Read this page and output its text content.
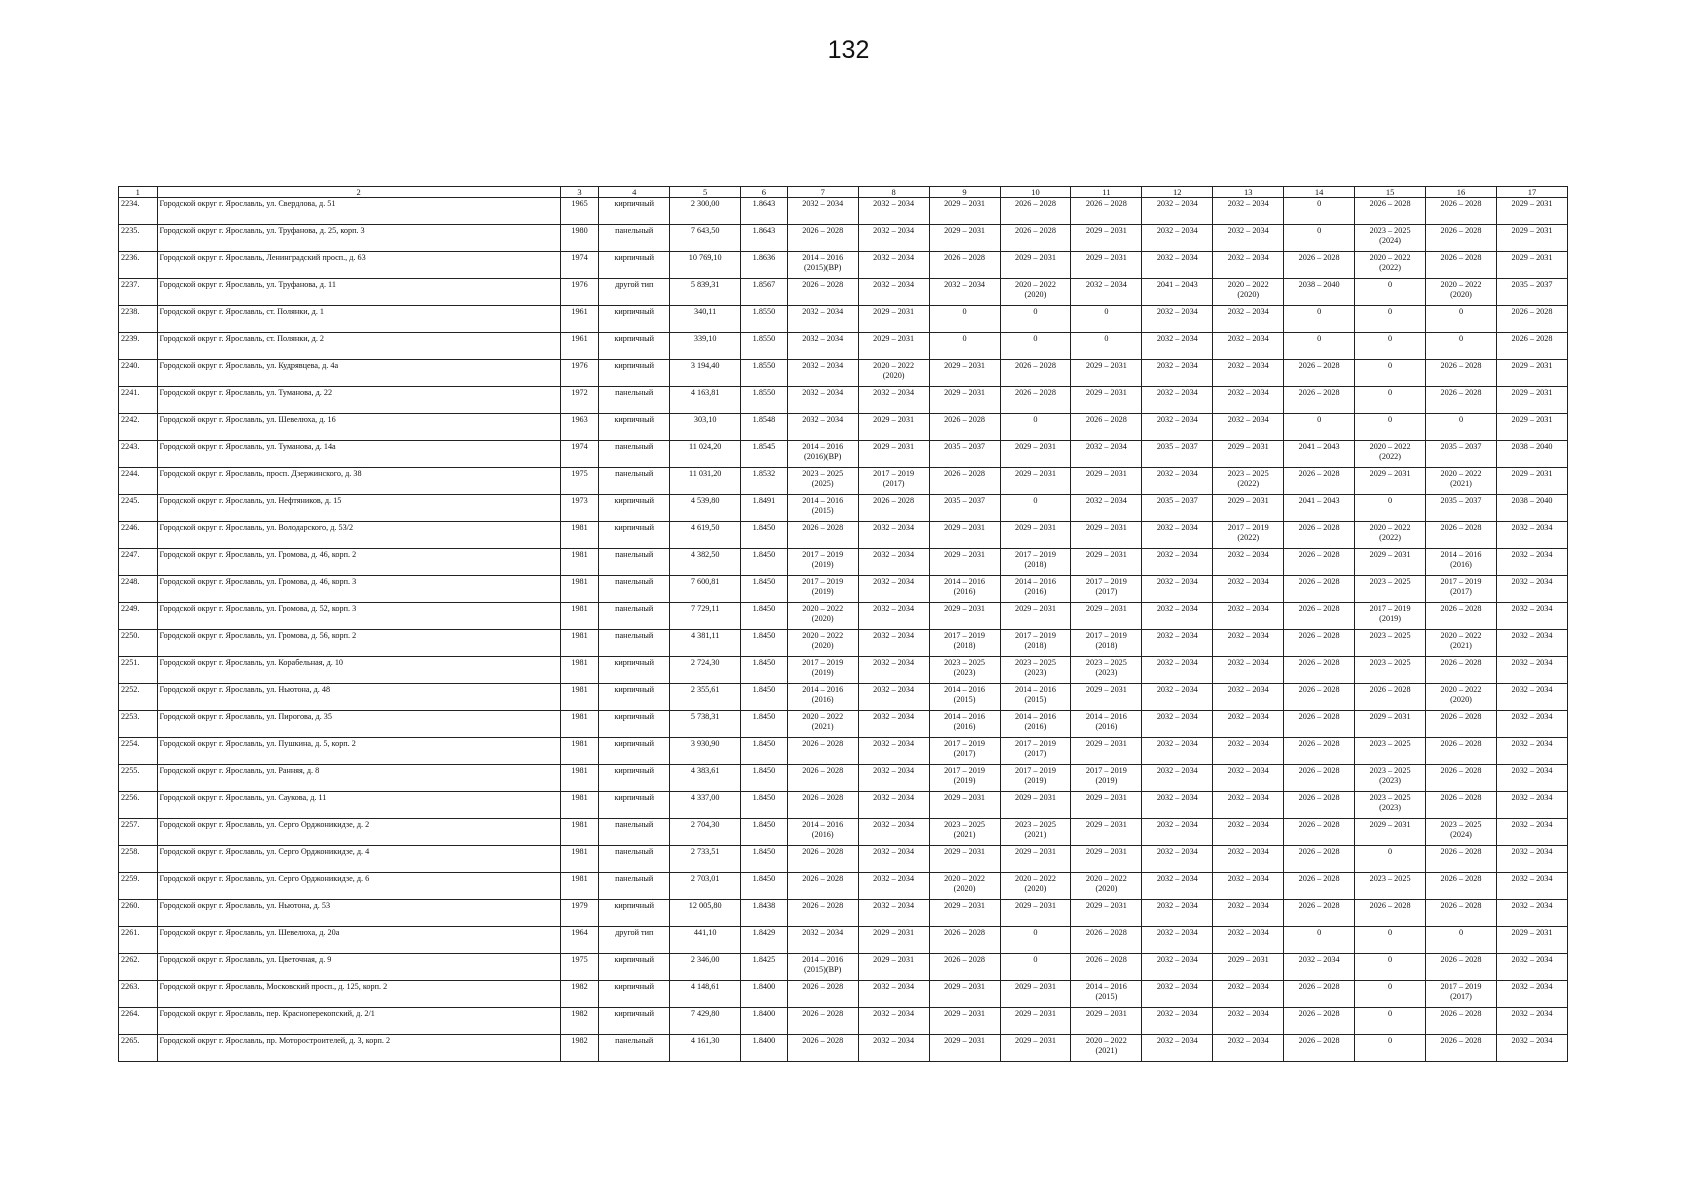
132
1	2	3	4	5	6	7	8	9	10	11	12	13	14	15	16	17
2234.	Городской округ г. Ярославль, ул. Свердлова, д. 51	1965	кирпичный	2 300,00	1.8643	2032 – 2034	2032 – 2034	2029 – 2031	2026 – 2028	2026 – 2028	2032 – 2034	2032 – 2034	0	2026 – 2028	2026 – 2028	2029 – 2031
2235.	Городской округ г. Ярославль, ул. Труфанова, д. 25, корп. 3	1980	панельный	7 643,50	1.8643	2026 – 2028	2032 – 2034	2029 – 2031	2026 – 2028	2029 – 2031	2032 – 2034	2032 – 2034	0	2023 – 2025
(2024)	2026 – 2028	2029 – 2031
2236.	Городской округ г. Ярославль, Ленинградский просп., д. 63	1974	кирпичный	10 769,10	1.8636	2014 – 2016
(2015)(ВР)	2032 – 2034	2026 – 2028	2029 – 2031	2029 – 2031	2032 – 2034	2032 – 2034	2026 – 2028	2020 – 2022
(2022)	2026 – 2028	2029 – 2031
2237.	Городской округ г. Ярославль, ул. Труфанова, д. 11	1976	другой тип	5 839,31	1.8567	2026 – 2028	2032 – 2034	2032 – 2034	2020 – 2022
(2020)	2032 – 2034	2041 – 2043	2020 – 2022
(2020)	2038 – 2040	0	2020 – 2022
(2020)	2035 – 2037
2238.	Городской округ г. Ярославль, ст. Полянки, д. 1	1961	кирпичный	340,11	1.8550	2032 – 2034	2029 – 2031	0	0	0	2032 – 2034	2032 – 2034	0	0	0	2026 – 2028
2239.	Городской округ г. Ярославль, ст. Полянки, д. 2	1961	кирпичный	339,10	1.8550	2032 – 2034	2029 – 2031	0	0	0	2032 – 2034	2032 – 2034	0	0	0	2026 – 2028
2240.	Городской округ г. Ярославль, ул. Кудрявцева, д. 4а	1976	кирпичный	3 194,40	1.8550	2032 – 2034	2020 – 2022
(2020)	2029 – 2031	2026 – 2028	2029 – 2031	2032 – 2034	2032 – 2034	2026 – 2028	0	2026 – 2028	2029 – 2031
2241.	Городской округ г. Ярославль, ул. Туманова, д. 22	1972	панельный	4 163,81	1.8550	2032 – 2034	2032 – 2034	2029 – 2031	2026 – 2028	2029 – 2031	2032 – 2034	2032 – 2034	2026 – 2028	0	2026 – 2028	2029 – 2031
2242.	Городской округ г. Ярославль, ул. Шевелюха, д. 16	1963	кирпичный	303,10	1.8548	2032 – 2034	2029 – 2031	2026 – 2028	0	2026 – 2028	2032 – 2034	2032 – 2034	0	0	0	2029 – 2031
2243.	Городской округ г. Ярославль, ул. Туманова, д. 14а	1974	панельный	11 024,20	1.8545	2014 – 2016
(2016)(ВР)	2029 – 2031	2035 – 2037	2029 – 2031	2032 – 2034	2035 – 2037	2029 – 2031	2041 – 2043	2020 – 2022
(2022)	2035 – 2037	2038 – 2040
2244.	Городской округ г. Ярославль, просп. Дзержинского, д. 38	1975	панельный	11 031,20	1.8532	2023 – 2025
(2025)	2017 – 2019
(2017)	2026 – 2028	2029 – 2031	2029 – 2031	2032 – 2034	2023 – 2025
(2022)	2026 – 2028	2029 – 2031	2020 – 2022
(2021)	2029 – 2031
2245.	Городской округ г. Ярославль, ул. Нефтяников, д. 15	1973	кирпичный	4 539,80	1.8491	2014 – 2016
(2015)	2026 – 2028	2035 – 2037	0	2032 – 2034	2035 – 2037	2029 – 2031	2041 – 2043	0	2035 – 2037	2038 – 2040
2246.	Городской округ г. Ярославль, ул. Володарского, д. 53/2	1981	кирпичный	4 619,50	1.8450	2026 – 2028	2032 – 2034	2029 – 2031	2029 – 2031	2029 – 2031	2032 – 2034	2017 – 2019
(2022)	2026 – 2028	2020 – 2022
(2022)	2026 – 2028	2032 – 2034
2247.	Городской округ г. Ярославль, ул. Громова, д. 46, корп. 2	1981	панельный	4 382,50	1.8450	2017 – 2019
(2019)	2032 – 2034	2029 – 2031	2017 – 2019
(2018)	2029 – 2031	2032 – 2034	2032 – 2034	2026 – 2028	2029 – 2031	2014 – 2016
(2016)	2032 – 2034
2248.	Городской округ г. Ярославль, ул. Громова, д. 46, корп. 3	1981	панельный	7 600,81	1.8450	2017 – 2019
(2019)	2032 – 2034	2014 – 2016
(2016)	2014 – 2016
(2016)	2017 – 2019
(2017)	2032 – 2034	2032 – 2034	2026 – 2028	2023 – 2025	2017 – 2019
(2017)	2032 – 2034
2249.	Городской округ г. Ярославль, ул. Громова, д. 52, корп. 3	1981	панельный	7 729,11	1.8450	2020 – 2022
(2020)	2032 – 2034	2029 – 2031	2029 – 2031	2029 – 2031	2032 – 2034	2032 – 2034	2026 – 2028	2017 – 2019
(2019)	2026 – 2028	2032 – 2034
2250.	Городской округ г. Ярославль, ул. Громова, д. 56, корп. 2	1981	панельный	4 381,11	1.8450	2020 – 2022
(2020)	2032 – 2034	2017 – 2019
(2018)	2017 – 2019
(2018)	2017 – 2019
(2018)	2032 – 2034	2032 – 2034	2026 – 2028	2023 – 2025	2020 – 2022
(2021)	2032 – 2034
2251.	Городской округ г. Ярославль, ул. Корабельная, д. 10	1981	кирпичный	2 724,30	1.8450	2017 – 2019
(2019)	2032 – 2034	2023 – 2025
(2023)	2023 – 2025
(2023)	2023 – 2025
(2023)	2032 – 2034	2032 – 2034	2026 – 2028	2023 – 2025	2026 – 2028	2032 – 2034
2252.	Городской округ г. Ярославль, ул. Ньютона, д. 48	1981	кирпичный	2 355,61	1.8450	2014 – 2016
(2016)	2032 – 2034	2014 – 2016
(2015)	2014 – 2016
(2015)	2029 – 2031	2032 – 2034	2032 – 2034	2026 – 2028	2026 – 2028	2020 – 2022
(2020)	2032 – 2034
2253.	Городской округ г. Ярославль, ул. Пирогова, д. 35	1981	кирпичный	5 738,31	1.8450	2020 – 2022
(2021)	2032 – 2034	2014 – 2016
(2016)	2014 – 2016
(2016)	2014 – 2016
(2016)	2032 – 2034	2032 – 2034	2026 – 2028	2029 – 2031	2026 – 2028	2032 – 2034
2254.	Городской округ г. Ярославль, ул. Пушкина, д. 5, корп. 2	1981	кирпичный	3 930,90	1.8450	2026 – 2028	2032 – 2034	2017 – 2019
(2017)	2017 – 2019
(2017)	2029 – 2031	2032 – 2034	2032 – 2034	2026 – 2028	2023 – 2025	2026 – 2028	2032 – 2034
2255.	Городской округ г. Ярославль, ул. Ранняя, д. 8	1981	кирпичный	4 383,61	1.8450	2026 – 2028	2032 – 2034	2017 – 2019
(2019)	2017 – 2019
(2019)	2017 – 2019
(2019)	2032 – 2034	2032 – 2034	2026 – 2028	2023 – 2025
(2023)	2026 – 2028	2032 – 2034
2256.	Городской округ г. Ярославль, ул. Саукова, д. 11	1981	кирпичный	4 337,00	1.8450	2026 – 2028	2032 – 2034	2029 – 2031	2029 – 2031	2029 – 2031	2032 – 2034	2032 – 2034	2026 – 2028	2023 – 2025
(2023)	2026 – 2028	2032 – 2034
2257.	Городской округ г. Ярославль, ул. Серго Орджоникидзе, д. 2	1981	панельный	2 704,30	1.8450	2014 – 2016
(2016)	2032 – 2034	2023 – 2025
(2021)	2023 – 2025
(2021)	2029 – 2031	2032 – 2034	2032 – 2034	2026 – 2028	2029 – 2031	2023 – 2025
(2024)	2032 – 2034
2258.	Городской округ г. Ярославль, ул. Серго Орджоникидзе, д. 4	1981	панельный	2 733,51	1.8450	2026 – 2028	2032 – 2034	2029 – 2031	2029 – 2031	2029 – 2031	2032 – 2034	2032 – 2034	2026 – 2028	0	2026 – 2028	2032 – 2034
2259.	Городской округ г. Ярославль, ул. Серго Орджоникидзе, д. 6	1981	панельный	2 703,01	1.8450	2026 – 2028	2032 – 2034	2020 – 2022
(2020)	2020 – 2022
(2020)	2020 – 2022
(2020)	2032 – 2034	2032 – 2034	2026 – 2028	2023 – 2025	2026 – 2028	2032 – 2034
2260.	Городской округ г. Ярославль, ул. Ньютона, д. 53	1979	кирпичный	12 005,80	1.8438	2026 – 2028	2032 – 2034	2029 – 2031	2029 – 2031	2029 – 2031	2032 – 2034	2032 – 2034	2026 – 2028	2026 – 2028	2026 – 2028	2032 – 2034
2261.	Городской округ г. Ярославль, ул. Шевелюха, д. 20а	1964	другой тип	441,10	1.8429	2032 – 2034	2029 – 2031	2026 – 2028	0	2026 – 2028	2032 – 2034	2032 – 2034	0	0	0	2029 – 2031
2262.	Городской округ г. Ярославль, ул. Цветочная, д. 9	1975	кирпичный	2 346,00	1.8425	2014 – 2016
(2015)(ВР)	2029 – 2031	2026 – 2028	0	2026 – 2028	2032 – 2034	2029 – 2031	2032 – 2034	0	2026 – 2028	2032 – 2034
2263.	Городской округ г. Ярославль, Московский просп., д. 125, корп. 2	1982	кирпичный	4 148,61	1.8400	2026 – 2028	2032 – 2034	2029 – 2031	2029 – 2031	2014 – 2016
(2015)	2032 – 2034	2032 – 2034	2026 – 2028	0	2017 – 2019
(2017)	2032 – 2034
2264.	Городской округ г. Ярославль, пер. Красноперекопский, д. 2/1	1982	кирпичный	7 429,80	1.8400	2026 – 2028	2032 – 2034	2029 – 2031	2029 – 2031	2029 – 2031	2032 – 2034	2032 – 2034	2026 – 2028	0	2026 – 2028	2032 – 2034
2265.	Городской округ г. Ярославль, пр. Моторостроителей, д. 3, корп. 2	1982	панельный	4 161,30	1.8400	2026 – 2028	2032 – 2034	2029 – 2031	2029 – 2031	2020 – 2022
(2021)	2032 – 2034	2032 – 2034	2026 – 2028	0	2026 – 2028	2032 – 2034
